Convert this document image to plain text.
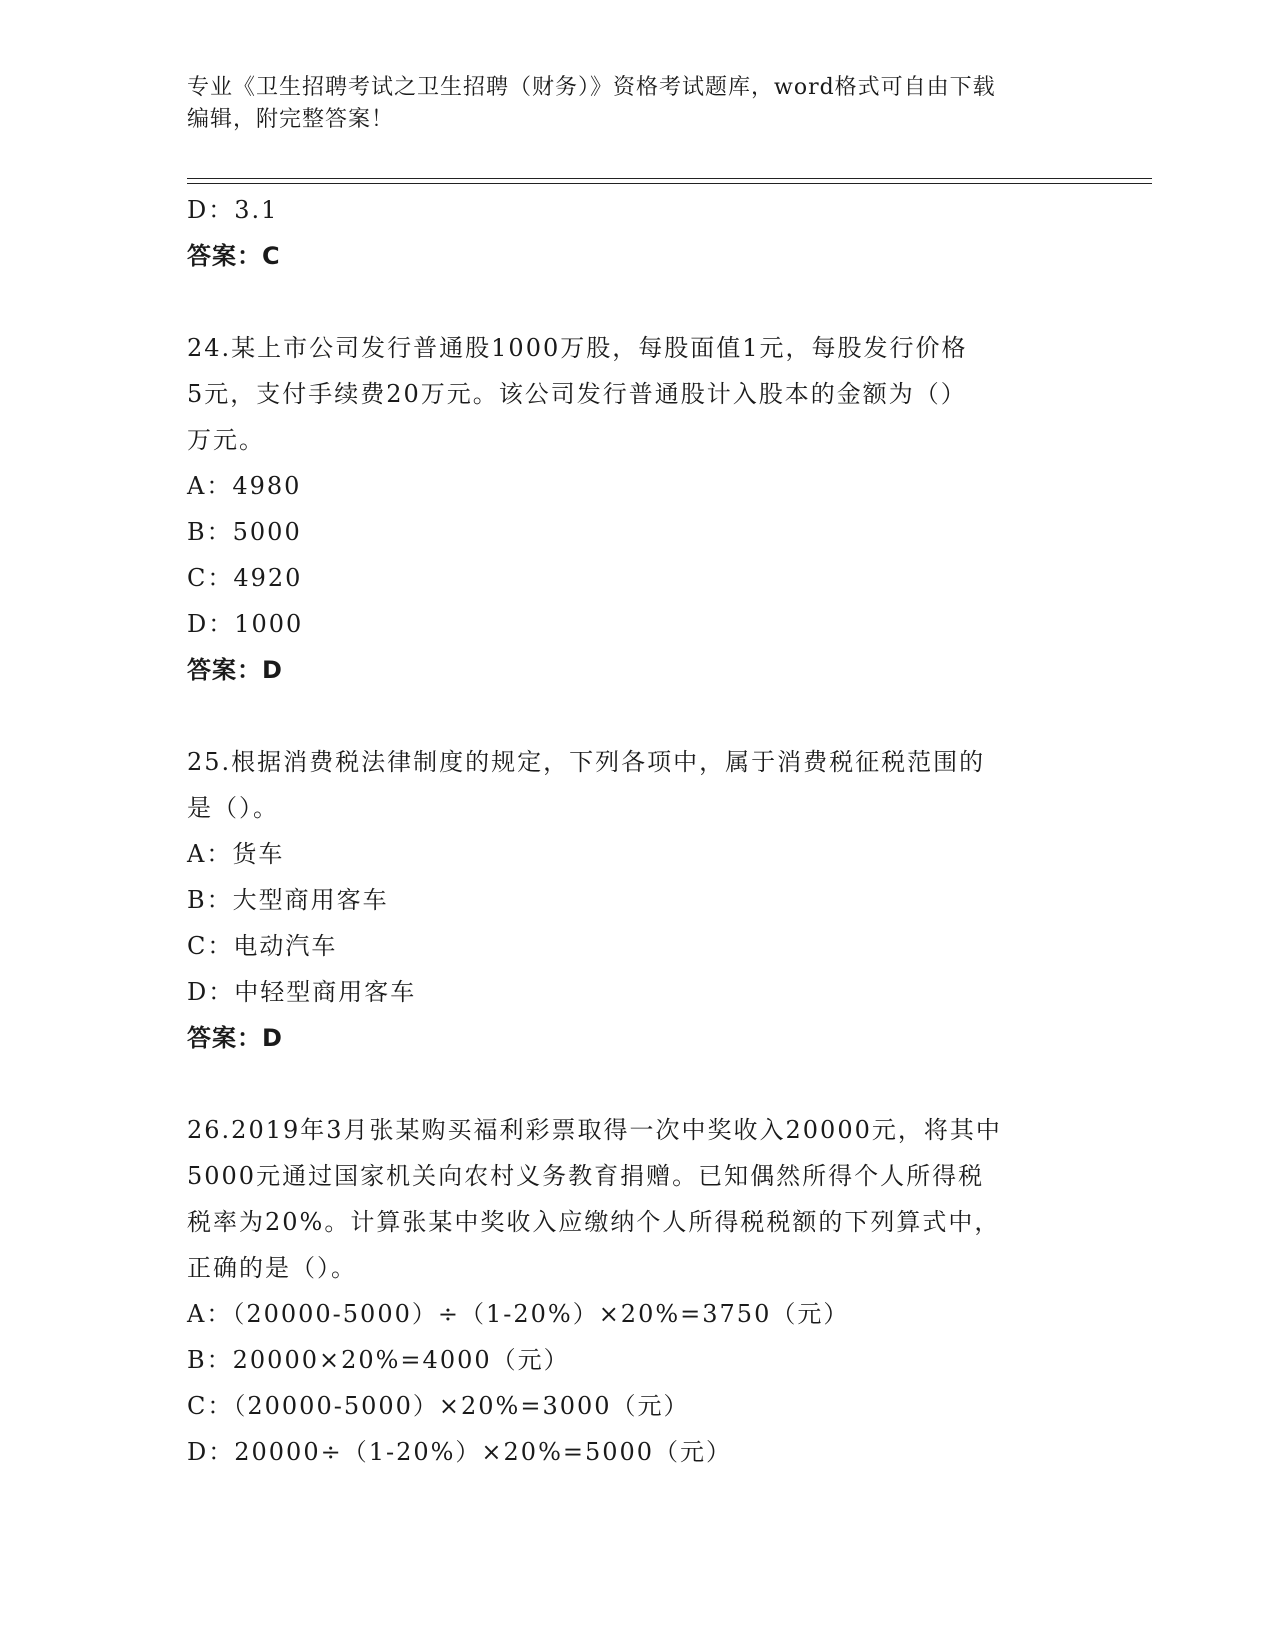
专业《卫生招聘考试之卫生招聘（财务）》资格考试题库，word格式可自由下载
编辑，附完整答案！
D：3.1
答案：C
24.某上市公司发行普通股1000万股，每股面值1元，每股发行价格
5元，支付手续费20万元。该公司发行普通股计入股本的金额为（）
万元。
A：4980
B：5000
C：4920
D：1000
答案：D
25.根据消费税法律制度的规定，下列各项中，属于消费税征税范围的
是（）。
A：货车
B：大型商用客车
C：电动汽车
D：中轻型商用客车
答案：D
26.2019年3月张某购买福利彩票取得一次中奖收入20000元，将其中
5000元通过国家机关向农村义务教育捐赠。已知偶然所得个人所得税
税率为20%。计算张某中奖收入应缴纳个人所得税税额的下列算式中，
正确的是（）。
A：（20000-5000）÷（1-20%）×20%=3750（元）
B：20000×20%=4000（元）
C：（20000-5000）×20%=3000（元）
D：20000÷（1-20%）×20%=5000（元）
